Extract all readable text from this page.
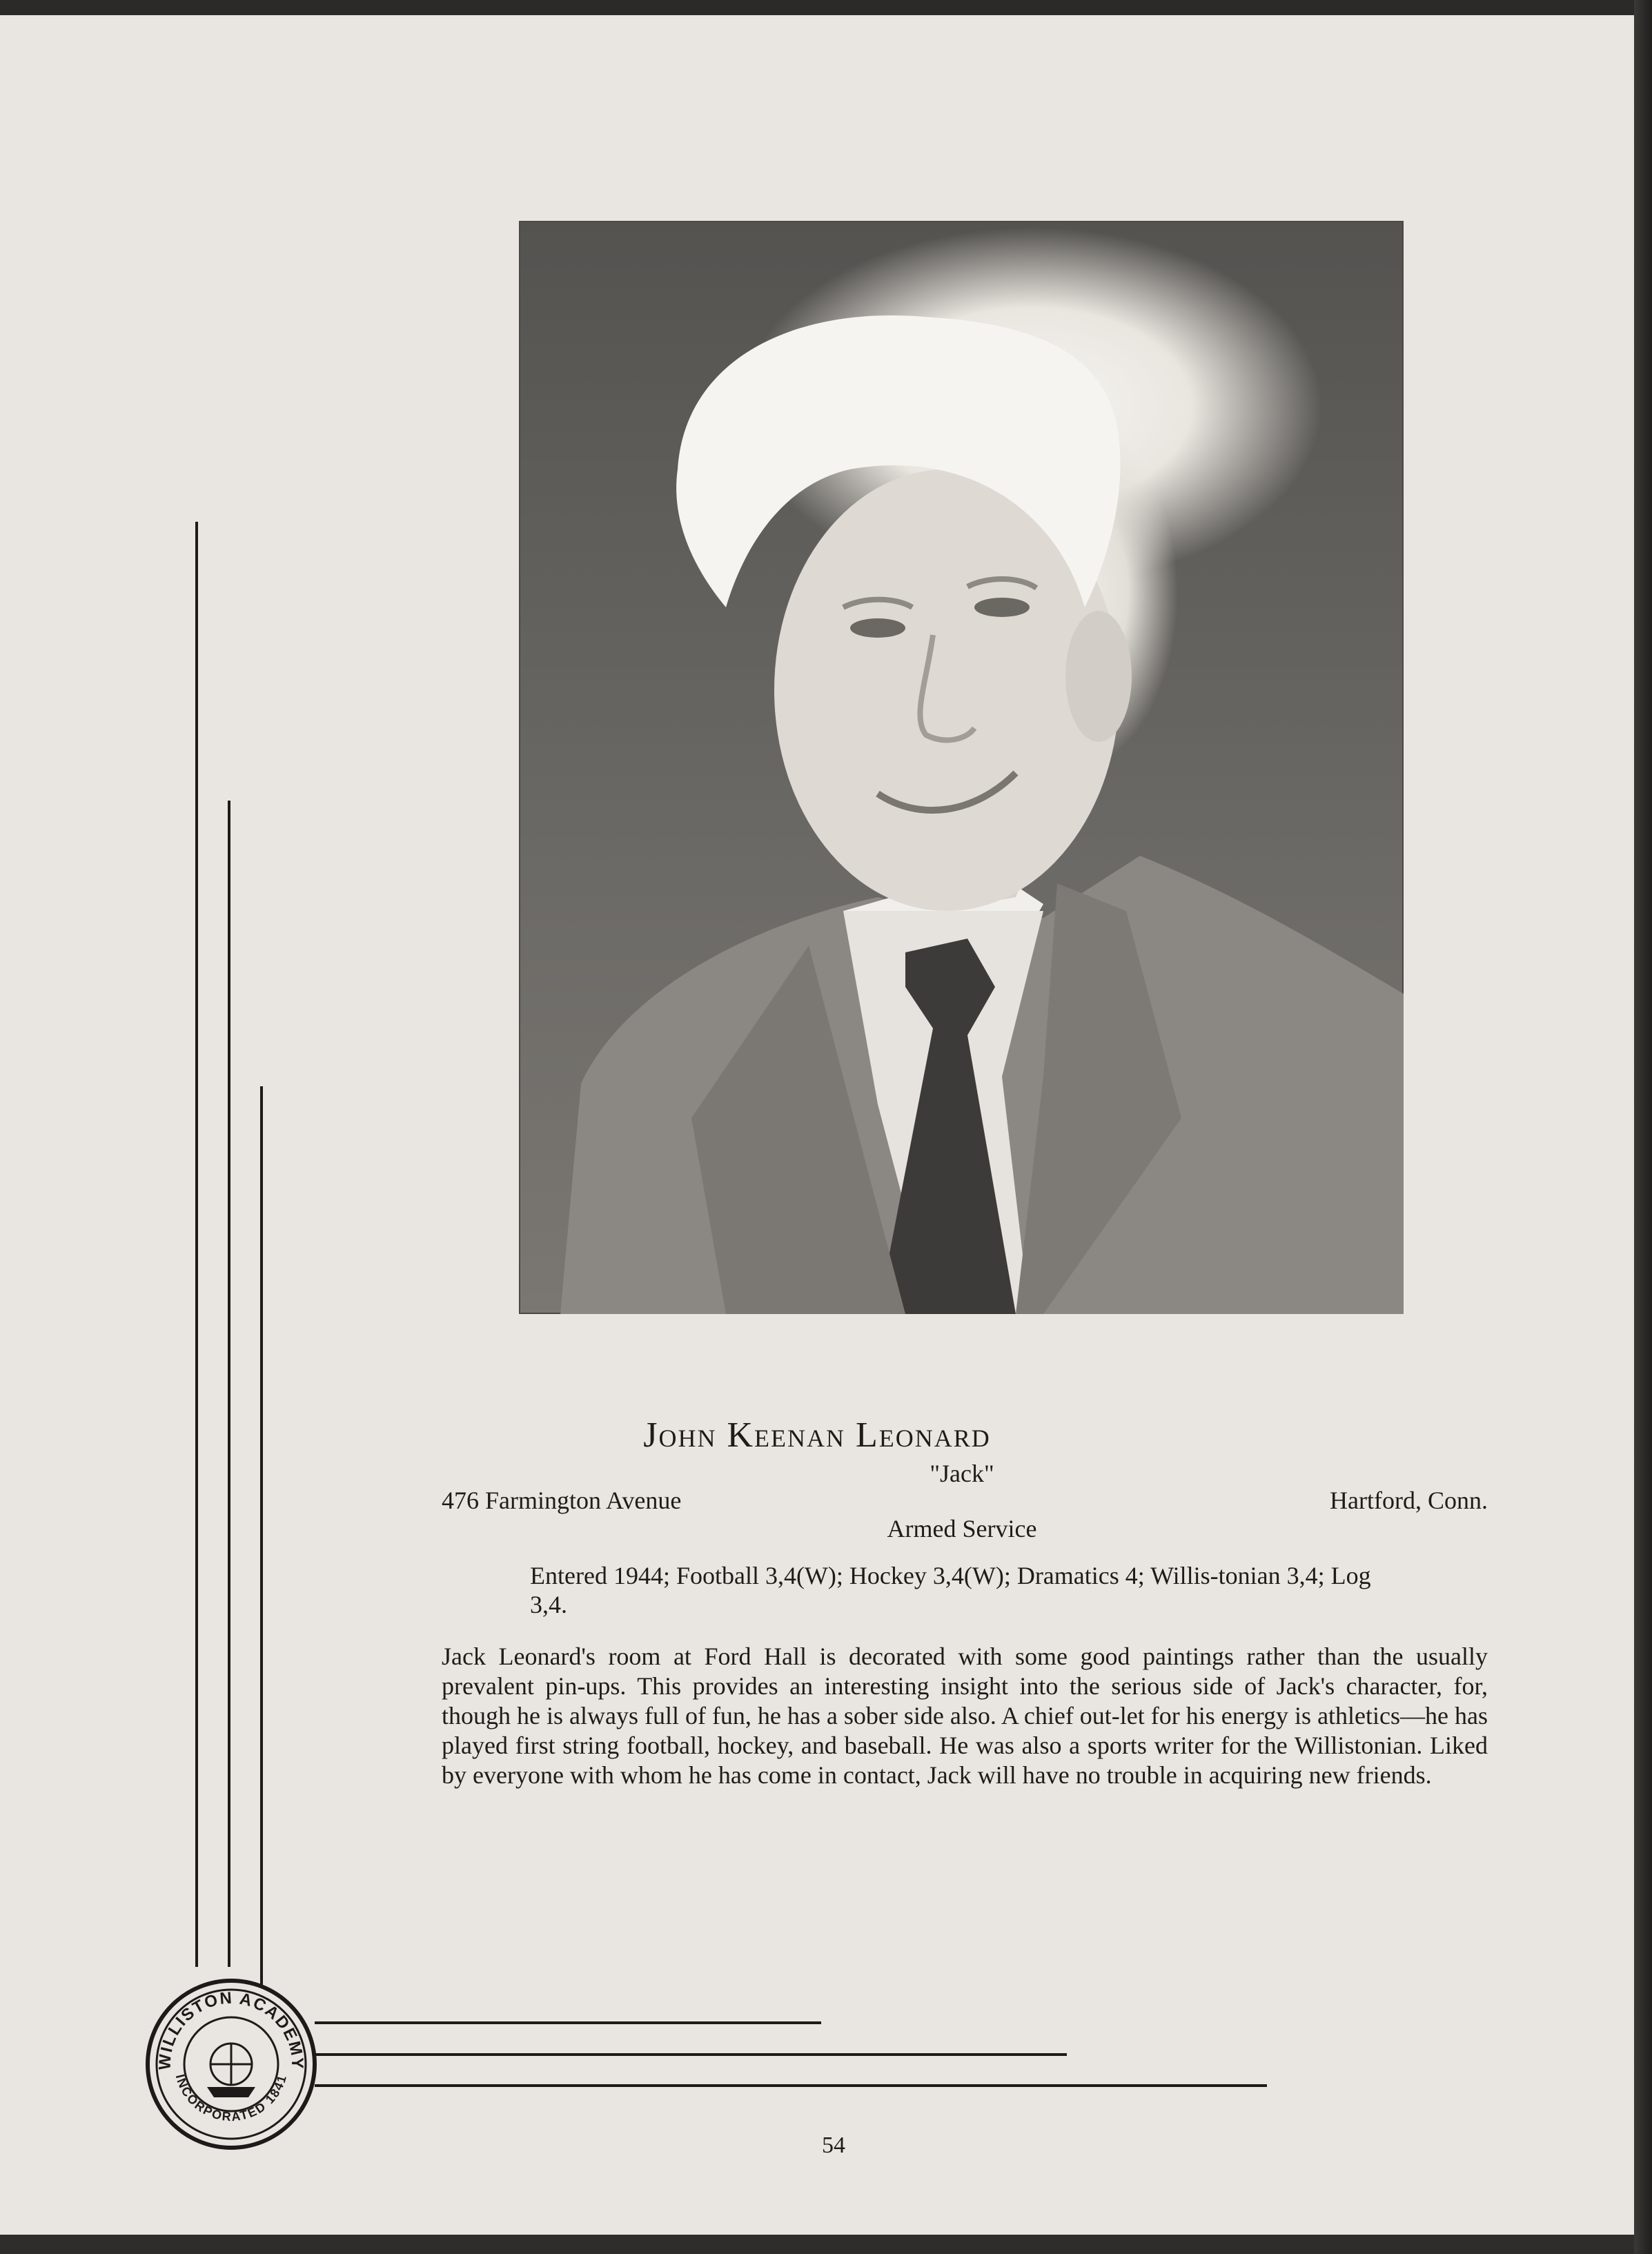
WILLISTON ACADEMY
INCORPORATED 1841
John Keenan Leonard
"Jack"
476 Farmington Avenue	Hartford, Conn.
Armed Service
Entered 1944; Football 3,4(W); Hockey 3,4(W); Dramatics 4; Willis-tonian 3,4; Log 3,4.
Jack Leonard's room at Ford Hall is decorated with some good paintings rather than the usually prevalent pin-ups. This provides an interesting insight into the serious side of Jack's character, for, though he is always full of fun, he has a sober side also. A chief out-let for his energy is athletics—he has played first string football, hockey, and baseball. He was also a sports writer for the Willistonian. Liked by everyone with whom he has come in contact, Jack will have no trouble in acquiring new friends.
54
